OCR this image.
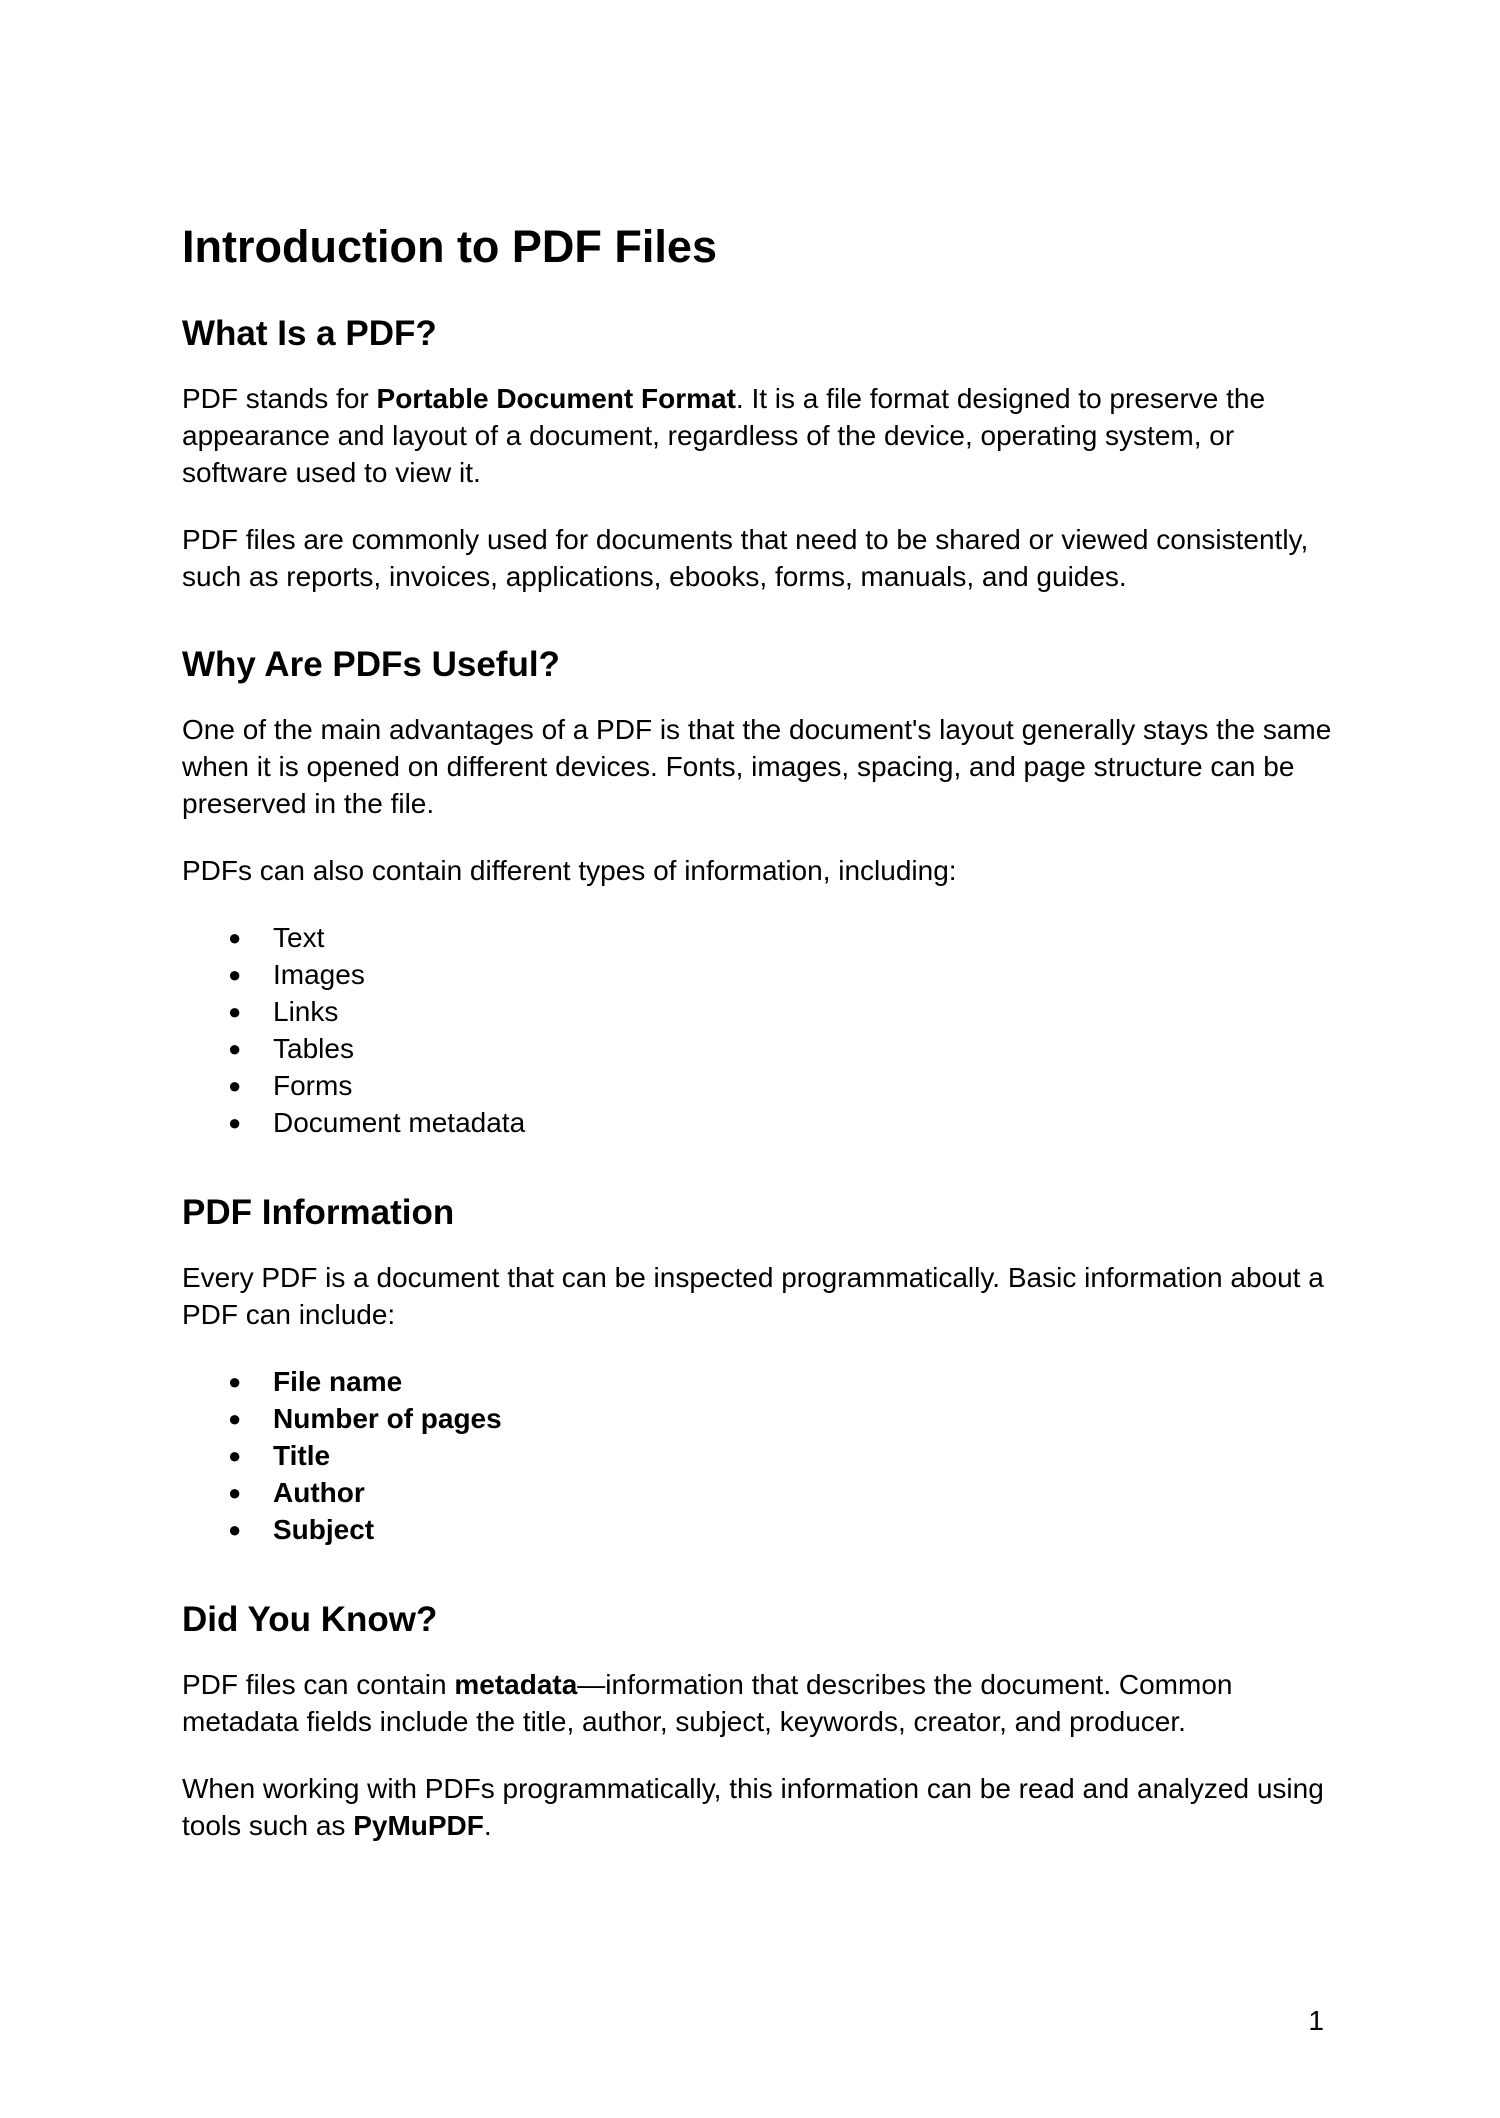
Introduction to PDF Files
What Is a PDF?

PDF stands for Portable Document Format. It is a file format designed to preserve the appearance and layout of a document, regardless of the device, operating system, or software used to view it.

PDF files are commonly used for documents that need to be shared or viewed consistently, such as reports, invoices, applications, ebooks, forms, manuals, and guides.

Why Are PDFs Useful?

One of the main advantages of a PDF is that the document's layout generally stays the same when it is opened on different devices. Fonts, images, spacing, and page structure can be preserved in the file.

PDFs can also contain different types of information, including:

● Text
● Images
● Links
● Tables
● Forms
● Document metadata
PDF Information

Every PDF is a document that can be inspected programmatically. Basic information about a PDF can include:

● File name
● Number of pages
● Title
● Author
● Subject
Did You Know?

PDF files can contain metadata—information that describes the document. Common metadata fields include the title, author, subject, keywords, creator, and producer.

When working with PDFs programmatically, this information can be read and analyzed using tools such as PyMuPDF.

1
